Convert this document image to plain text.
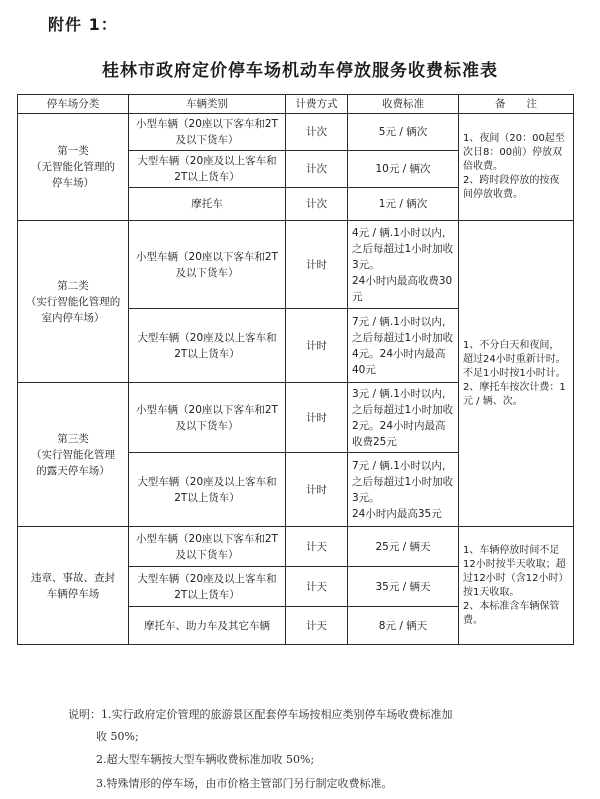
附件 1：
桂林市政府定价停车场机动车停放服务收费标准表
停车场分类	车辆类别	计费方式	收费标准	备　　注

第一类
（无智能化管理的
停车场）	小型车辆（20座以下客车和2T及以下货车）	计次	5元 / 辆次	1、夜间（20：00起至次日8：00前）停放双倍收费。
2、跨时段停放的按夜间停放收费。

	大型车辆（20座及以上客车和2T以上货车）	计次	10元 / 辆次	
	摩托车	计次	1元 / 辆次	

第二类
（实行智能化管理的
室内停车场）	小型车辆（20座以下客车和2T及以下货车）	计时	4元 / 辆.1小时以内，之后每超过1小时加收3元。
24小时内最高收费30元	1、不分白天和夜间，超过24小时重新计时。不足1小时按1小时计。
2、摩托车按次计费：1元 / 辆、次。

	大型车辆（20座及以上客车和2T以上货车）	计时	7元 / 辆.1小时以内，之后每超过1小时加收4元。24小时内最高40元	

第三类
（实行智能化管理
的露天停车场）	小型车辆（20座以下客车和2T及以下货车）	计时	3元 / 辆.1小时以内，之后每超过1小时加收2元。24小时内最高收费25元	
	大型车辆（20座及以上客车和2T以上货车）	计时	7元 / 辆.1小时以内，之后每超过1小时加收3元。
24小时内最高35元	

违章、事故、查封
车辆停车场	小型车辆（20座以下客车和2T及以下货车）	计天	25元 / 辆天	1、车辆停放时间不足12小时按半天收取；超过12小时（含12小时）按1天收取。
2、本标准含车辆保管费。

	大型车辆（20座及以上客车和2T以上货车）	计天	35元 / 辆天	
	摩托车、助力车及其它车辆	计天	8元 / 辆天	
说明：1.实行政府定价管理的旅游景区配套停车场按相应类别停车场收费标准加
收 50%;
2.超大型车辆按大型车辆收费标准加收 50%;
3.特殊情形的停车场，由市价格主管部门另行制定收费标准。
